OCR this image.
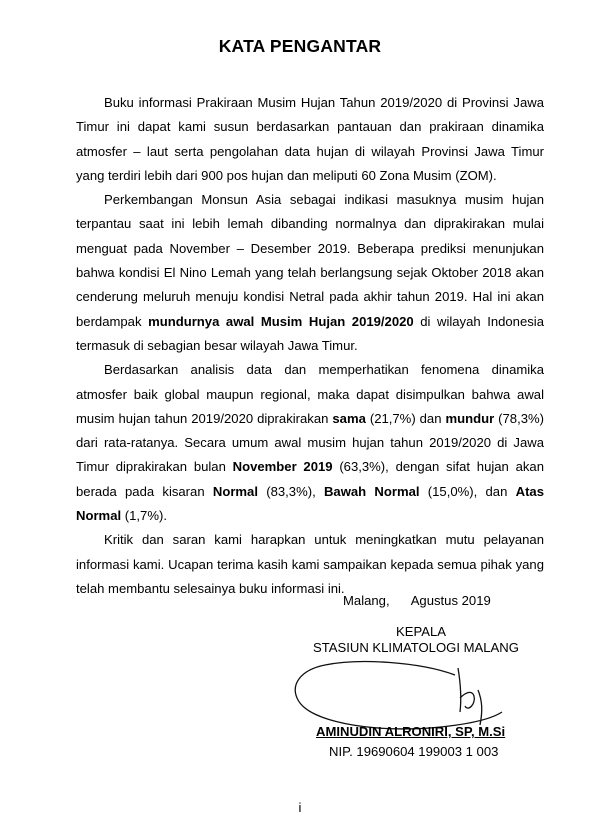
KATA PENGANTAR

Buku informasi Prakiraan Musim Hujan Tahun 2019/2020 di Provinsi Jawa Timur ini dapat kami susun berdasarkan pantauan dan prakiraan dinamika atmosfer – laut serta pengolahan data hujan di wilayah Provinsi Jawa Timur yang terdiri lebih dari 900 pos hujan dan meliputi 60 Zona Musim (ZOM).

Perkembangan Monsun Asia sebagai indikasi masuknya musim hujan terpantau saat ini lebih lemah dibanding normalnya dan diprakirakan mulai menguat pada November – Desember 2019. Beberapa prediksi menunjukan bahwa kondisi El Nino Lemah yang telah berlangsung sejak Oktober 2018 akan cenderung meluruh menuju kondisi Netral pada akhir tahun 2019. Hal ini akan berdampak mundurnya awal Musim Hujan 2019/2020 di wilayah Indonesia termasuk di sebagian besar wilayah Jawa Timur.

Berdasarkan analisis data dan memperhatikan fenomena dinamika atmosfer baik global maupun regional, maka dapat disimpulkan bahwa awal musim hujan tahun 2019/2020 diprakirakan sama (21,7%) dan mundur (78,3%) dari rata-ratanya. Secara umum awal musim hujan tahun 2019/2020 di Jawa Timur diprakirakan bulan November 2019 (63,3%), dengan sifat hujan akan berada pada kisaran Normal (83,3%), Bawah Normal (15,0%), dan Atas Normal (1,7%).

Kritik dan saran kami harapkan untuk meningkatkan mutu pelayanan informasi kami. Ucapan terima kasih kami sampaikan kepada semua pihak yang telah membantu selesainya buku informasi ini.

Malang, Agustus 2019
KEPALA
STASIUN KLIMATOLOGI MALANG
AMINUDIN ALRONIRI, SP, M.Si
NIP. 19690604 199003 1 003
i
